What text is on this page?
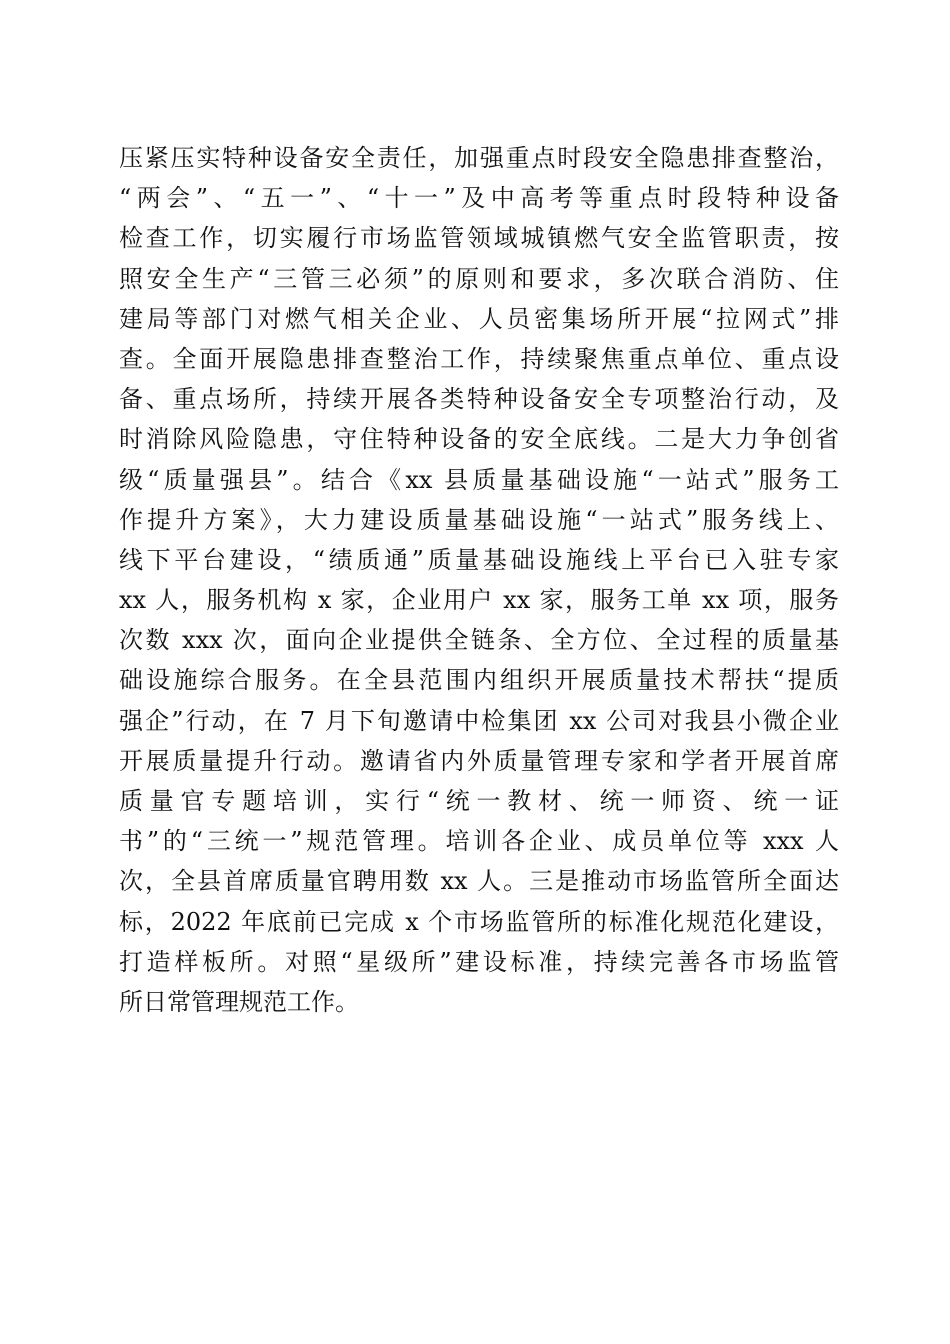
压紧压实特种设备安全责任，加强重点时段安全隐患排查整治，
“两会”、“五一”、“十一”及中高考等重点时段特种设备
检查工作，切实履行市场监管领域城镇燃气安全监管职责，按
照安全生产“三管三必须”的原则和要求，多次联合消防、住
建局等部门对燃气相关企业、人员密集场所开展“拉网式”排
查。全面开展隐患排查整治工作，持续聚焦重点单位、重点设
备、重点场所，持续开展各类特种设备安全专项整治行动，及
时消除风险隐患，守住特种设备的安全底线。二是大力争创省
级“质量强县”。结合《xx 县质量基础设施“一站式”服务工
作提升方案》，大力建设质量基础设施“一站式”服务线上、
线下平台建设，“绩质通”质量基础设施线上平台已入驻专家
xx 人，服务机构 x 家，企业用户 xx 家，服务工单 xx 项，服务
次数 xxx 次，面向企业提供全链条、全方位、全过程的质量基
础设施综合服务。在全县范围内组织开展质量技术帮扶“提质
强企”行动，在 7 月下旬邀请中检集团 xx 公司对我县小微企业
开展质量提升行动。邀请省内外质量管理专家和学者开展首席
质量官专题培训，实行“统一教材、统一师资、统一证
书”的“三统一”规范管理。培训各企业、成员单位等 xxx 人
次，全县首席质量官聘用数 xx 人。三是推动市场监管所全面达
标，2022 年底前已完成 x 个市场监管所的标准化规范化建设，
打造样板所。对照“星级所”建设标准，持续完善各市场监管
所日常管理规范工作。
